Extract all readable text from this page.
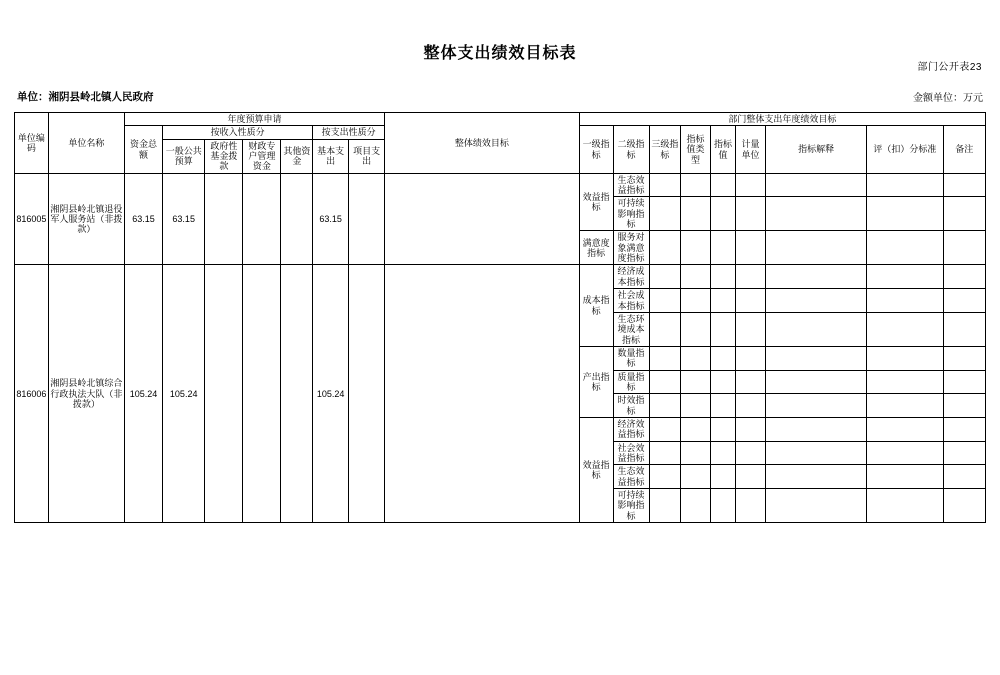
部门公开表23
整体支出绩效目标表
单位：湘阴县岭北镇人民政府	金额单位：万元
单位编码	单位名称	年度预算申请							整体绩效目标	部门整体支出年度绩效目标								
		资金总额	按收入性质分				按支出性质分			一级指标	二级指标	三级指标	指标值类型	指标值	计量单位	指标解释	评（扣）分标准	备注
			一般公共预算	政府性基金拨款	财政专户管理资金	其他资金	基本支出	项目支出										
816005	湘阴县岭北镇退役军人服务站（非拨款）	63.15	63.15				63.15			效益指标	生态效益指标							
											可持续影响指标							
										满意度指标	服务对象满意度指标							
816006	湘阴县岭北镇综合行政执法大队（非拨款）	105.24	105.24				105.24			成本指标	经济成本指标							
											社会成本指标							
											生态环境成本指标							
										产出指标	数量指标							
											质量指标							
											时效指标							
										效益指标	经济效益指标							
											社会效益指标							
											生态效益指标							
											可持续影响指标							
